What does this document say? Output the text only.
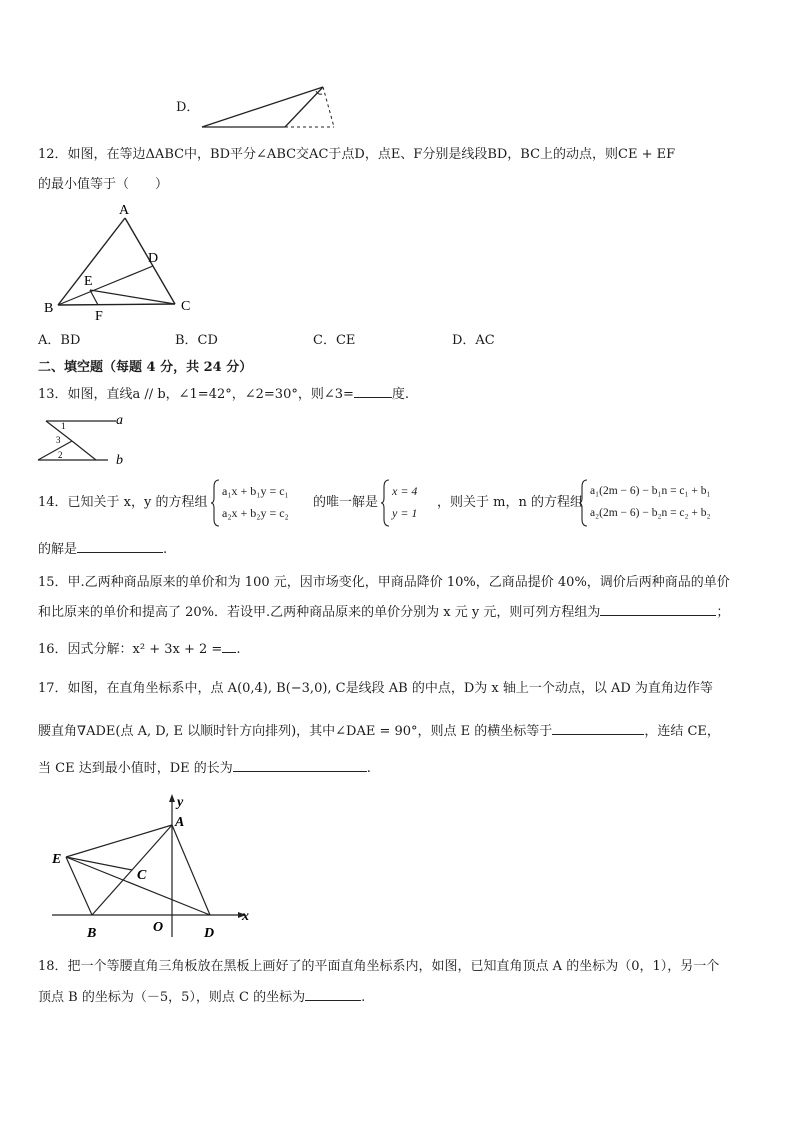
D．
12．如图，在等边ΔABC中，BD平分∠ABC交AC于点D，点E、F分别是线段BD，BC上的动点，则CE + EF
的最小值等于（　　）
A
B	C
D
E
F
A．BD	B．CD	C．CE	D．AC
二、填空题（每题 4 分，共 24 分）
13．如图，直线a // b，∠1=42°，∠2=30°，则∠3=	度.
a
b
1
3
2
14．已知关于 x，y 的方程组
a₁x + b₁y = c₁
a₂x + b₂y = c₂
的唯一解是
x = 4
y = 1
，则关于 m，n 的方程组
a₁(2m − 6) − b₁n = c₁ + b₁
a₂(2m − 6) − b₂n = c₂ + b₂
的解是	.
15．甲.乙两种商品原来的单价和为 100 元，因市场变化，甲商品降价 10%，乙商品提价 40%，调价后两种商品的单价
和比原来的单价和提高了 20%．若设甲.乙两种商品原来的单价分别为 x 元 y 元，则可列方程组为	；
16．因式分解：x² + 3x + 2 = .
17．如图，在直角坐标系中，点 A(0,4), B(−3,0), C是线段 AB 的中点，D为 x 轴上一个动点，以 AD 为直角边作等
腰直角∇ADE(点 A, D, E 以顺时针方向排列)，其中∠DAE = 90°，则点 E 的横坐标等于	，连结 CE，
当 CE 达到最小值时，DE 的长为	.
y
A
E
C
O
B	D
x
18．把一个等腰直角三角板放在黑板上画好了的平面直角坐标系内，如图，已知直角顶点 A 的坐标为（0，1），另一个
顶点 B 的坐标为（－5，5），则点 C 的坐标为	.
